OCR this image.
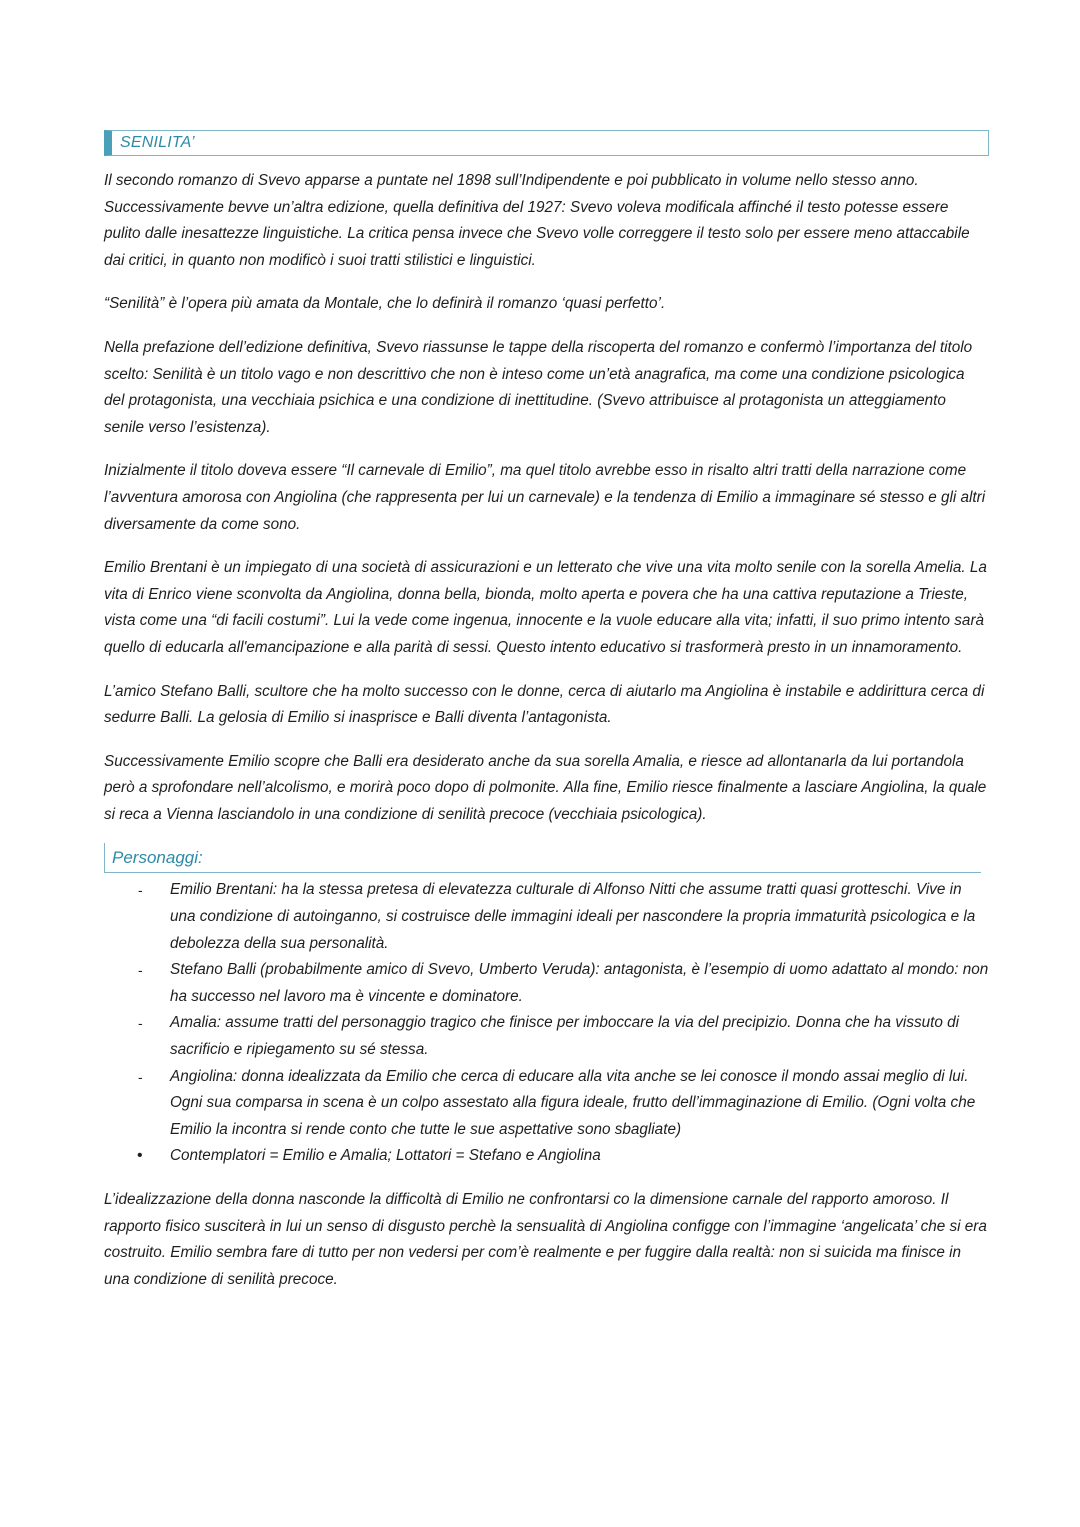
SENILITA’

Il secondo romanzo di Svevo apparse a puntate nel 1898 sull’Indipendente e poi pubblicato in volume nello stesso anno. Successivamente bevve un’altra edizione, quella definitiva del 1927: Svevo voleva modificala affinché il testo potesse essere pulito dalle inesattezze linguistiche. La critica pensa invece che Svevo volle correggere il testo solo per essere meno attaccabile dai critici, in quanto non modificò i suoi tratti stilistici e linguistici.

“Senilità” è l’opera più amata da Montale, che lo definirà il romanzo ‘quasi perfetto’.

Nella prefazione dell’edizione definitiva, Svevo riassunse le tappe della riscoperta del romanzo e confermò l’importanza del titolo scelto: Senilità è un titolo vago e non descrittivo che non è inteso come un’età anagrafica, ma come una condizione psicologica del protagonista, una vecchiaia psichica e una condizione di inettitudine. (Svevo attribuisce al protagonista un atteggiamento senile verso l’esistenza).

Inizialmente il titolo doveva essere “Il carnevale di Emilio”, ma quel titolo avrebbe esso in risalto altri tratti della narrazione come l’avventura amorosa con Angiolina (che rappresenta per lui un carnevale) e la tendenza di Emilio a immaginare sé stesso e gli altri diversamente da come sono.

Emilio Brentani è un impiegato di una società di assicurazioni e un letterato che vive una vita molto senile con la sorella Amelia. La vita di Enrico viene sconvolta da Angiolina, donna bella, bionda, molto aperta e povera che ha una cattiva reputazione a Trieste, vista come una “di facili costumi”. Lui la vede come ingenua, innocente e la vuole educare alla vita; infatti, il suo primo intento sarà quello di educarla all'emancipazione e alla parità di sessi. Questo intento educativo si trasformerà presto in un innamoramento.

L’amico Stefano Balli, scultore che ha molto successo con le donne, cerca di aiutarlo ma Angiolina è instabile e addirittura cerca di sedurre Balli. La gelosia di Emilio si inasprisce e Balli diventa l’antagonista.

Successivamente Emilio scopre che Balli era desiderato anche da sua sorella Amalia, e riesce ad allontanarla da lui portandola però a sprofondare nell’alcolismo, e morirà poco dopo di polmonite. Alla fine, Emilio riesce finalmente a lasciare Angiolina, la quale si reca a Vienna lasciandolo in una condizione di senilità precoce (vecchiaia psicologica).

Personaggi:
- Emilio Brentani: ha la stessa pretesa di elevatezza culturale di Alfonso Nitti che assume tratti quasi grotteschi. Vive in una condizione di autoinganno, si costruisce delle immagini ideali per nascondere la propria immaturità psicologica e la debolezza della sua personalità.
- Stefano Balli (probabilmente amico di Svevo, Umberto Veruda): antagonista, è l’esempio di uomo adattato al mondo: non ha successo nel lavoro ma è vincente e dominatore.
- Amalia: assume tratti del personaggio tragico che finisce per imboccare la via del precipizio. Donna che ha vissuto di sacrificio e ripiegamento su sé stessa.
- Angiolina: donna idealizzata da Emilio che cerca di educare alla vita anche se lei conosce il mondo assai meglio di lui. Ogni sua comparsa in scena è un colpo assestato alla figura ideale, frutto dell’immaginazione di Emilio. (Ogni volta che Emilio la incontra si rende conto che tutte le sue aspettative sono sbagliate)
• Contemplatori = Emilio e Amalia; Lottatori = Stefano e Angiolina

L’idealizzazione della donna nasconde la difficoltà di Emilio ne confrontarsi co la dimensione carnale del rapporto amoroso. Il rapporto fisico susciterà in lui un senso di disgusto perchè la sensualità di Angiolina configge con l’immagine ‘angelicata’ che si era costruito. Emilio sembra fare di tutto per non vedersi per com’è realmente e per fuggire dalla realtà: non si suicida ma finisce in una condizione di senilità precoce.
